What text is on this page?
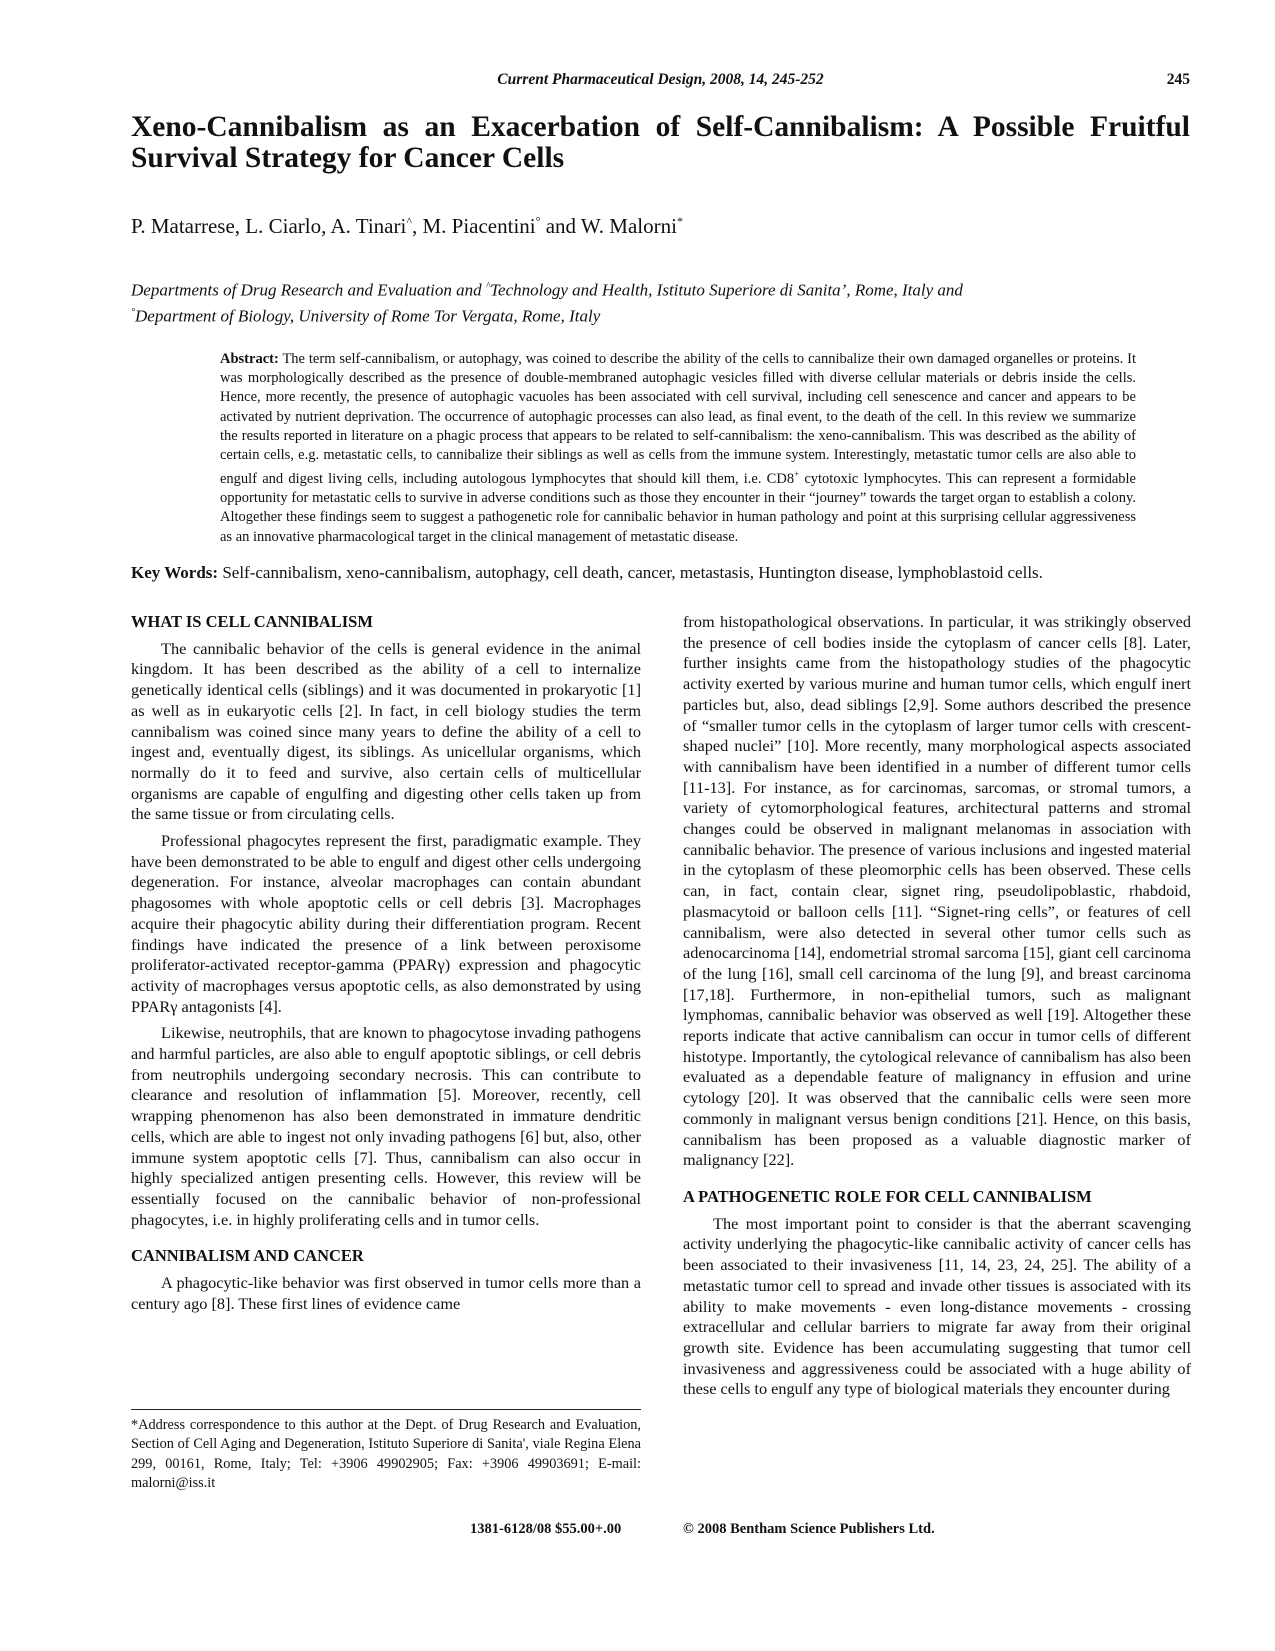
Current Pharmaceutical Design, 2008, 14, 245-252	245
Xeno-Cannibalism as an Exacerbation of Self-Cannibalism: A Possible Fruitful Survival Strategy for Cancer Cells
P. Matarrese, L. Ciarlo, A. Tinari^, M. Piacentini° and W. Malorni*
Departments of Drug Research and Evaluation and ^Technology and Health, Istituto Superiore di Sanita’, Rome, Italy and
°Department of Biology, University of Rome Tor Vergata, Rome, Italy
Abstract: The term self-cannibalism, or autophagy, was coined to describe the ability of the cells to cannibalize their own damaged organelles or proteins. It was morphologically described as the presence of double-membraned autophagic vesicles filled with diverse cellular materials or debris inside the cells. Hence, more recently, the presence of autophagic vacuoles has been associated with cell survival, including cell senescence and cancer and appears to be activated by nutrient deprivation. The occurrence of autophagic processes can also lead, as final event, to the death of the cell. In this review we summarize the results reported in literature on a phagic process that appears to be related to self-cannibalism: the xeno-cannibalism. This was described as the ability of certain cells, e.g. metastatic cells, to cannibalize their siblings as well as cells from the immune system. Interestingly, metastatic tumor cells are also able to engulf and digest living cells, including autologous lymphocytes that should kill them, i.e. CD8+ cytotoxic lymphocytes. This can represent a formidable opportunity for metastatic cells to survive in adverse conditions such as those they encounter in their “journey” towards the target organ to establish a colony. Altogether these findings seem to suggest a pathogenetic role for cannibalic behavior in human pathology and point at this surprising cellular aggressiveness as an innovative pharmacological target in the clinical management of metastatic disease.
Key Words: Self-cannibalism, xeno-cannibalism, autophagy, cell death, cancer, metastasis, Huntington disease, lymphoblastoid cells.
WHAT IS CELL CANNIBALISM

The cannibalic behavior of the cells is general evidence in the animal kingdom. It has been described as the ability of a cell to internalize genetically identical cells (siblings) and it was documented in prokaryotic [1] as well as in eukaryotic cells [2]. In fact, in cell biology studies the term cannibalism was coined since many years to define the ability of a cell to ingest and, eventually digest, its siblings. As unicellular organisms, which normally do it to feed and survive, also certain cells of multicellular organisms are capable of engulfing and digesting other cells taken up from the same tissue or from circulating cells.

Professional phagocytes represent the first, paradigmatic example. They have been demonstrated to be able to engulf and digest other cells undergoing degeneration. For instance, alveolar macrophages can contain abundant phagosomes with whole apoptotic cells or cell debris [3]. Macrophages acquire their phagocytic ability during their differentiation program. Recent findings have indicated the presence of a link between peroxisome proliferator-activated receptor-gamma (PPARγ) expression and phagocytic activity of macrophages versus apoptotic cells, as also demonstrated by using PPARγ antagonists [4].

Likewise, neutrophils, that are known to phagocytose invading pathogens and harmful particles, are also able to engulf apoptotic siblings, or cell debris from neutrophils undergoing secondary necrosis. This can contribute to clearance and resolution of inflammation [5]. Moreover, recently, cell wrapping phenomenon has also been demonstrated in immature dendritic cells, which are able to ingest not only invading pathogens [6] but, also, other immune system apoptotic cells [7]. Thus, cannibalism can also occur in highly specialized antigen presenting cells. However, this review will be essentially focused on the cannibalic behavior of non-professional phagocytes, i.e. in highly proliferating cells and in tumor cells.

CANNIBALISM AND CANCER

A phagocytic-like behavior was first observed in tumor cells more than a century ago [8]. These first lines of evidence came

from histopathological observations. In particular, it was strikingly observed the presence of cell bodies inside the cytoplasm of cancer cells [8]. Later, further insights came from the histopathology studies of the phagocytic activity exerted by various murine and human tumor cells, which engulf inert particles but, also, dead siblings [2,9]. Some authors described the presence of “smaller tumor cells in the cytoplasm of larger tumor cells with crescent-shaped nuclei” [10]. More recently, many morphological aspects associated with cannibalism have been identified in a number of different tumor cells [11-13]. For instance, as for carcinomas, sarcomas, or stromal tumors, a variety of cytomorphological features, architectural patterns and stromal changes could be observed in malignant melanomas in association with cannibalic behavior. The presence of various inclusions and ingested material in the cytoplasm of these pleomorphic cells has been observed. These cells can, in fact, contain clear, signet ring, pseudolipoblastic, rhabdoid, plasmacytoid or balloon cells [11]. “Signet-ring cells”, or features of cell cannibalism, were also detected in several other tumor cells such as adenocarcinoma [14], endometrial stromal sarcoma [15], giant cell carcinoma of the lung [16], small cell carcinoma of the lung [9], and breast carcinoma [17,18]. Furthermore, in non-epithelial tumors, such as malignant lymphomas, cannibalic behavior was observed as well [19]. Altogether these reports indicate that active cannibalism can occur in tumor cells of different histotype. Importantly, the cytological relevance of cannibalism has also been evaluated as a dependable feature of malignancy in effusion and urine cytology [20]. It was observed that the cannibalic cells were seen more commonly in malignant versus benign conditions [21]. Hence, on this basis, cannibalism has been proposed as a valuable diagnostic marker of malignancy [22].

A PATHOGENETIC ROLE FOR CELL CANNIBALISM

The most important point to consider is that the aberrant scavenging activity underlying the phagocytic-like cannibalic activity of cancer cells has been associated to their invasiveness [11, 14, 23, 24, 25]. The ability of a metastatic tumor cell to spread and invade other tissues is associated with its ability to make movements - even long-distance movements - crossing extracellular and cellular barriers to migrate far away from their original growth site. Evidence has been accumulating suggesting that tumor cell invasiveness and aggressiveness could be associated with a huge ability of these cells to engulf any type of biological materials they encounter during

*Address correspondence to this author at the Dept. of Drug Research and Evaluation, Section of Cell Aging and Degeneration, Istituto Superiore di Sanita', viale Regina Elena 299, 00161, Rome, Italy; Tel: +3906 49902905; Fax: +3906 49903691; E-mail: malorni@iss.it
1381-6128/08 $55.00+.00	© 2008 Bentham Science Publishers Ltd.
